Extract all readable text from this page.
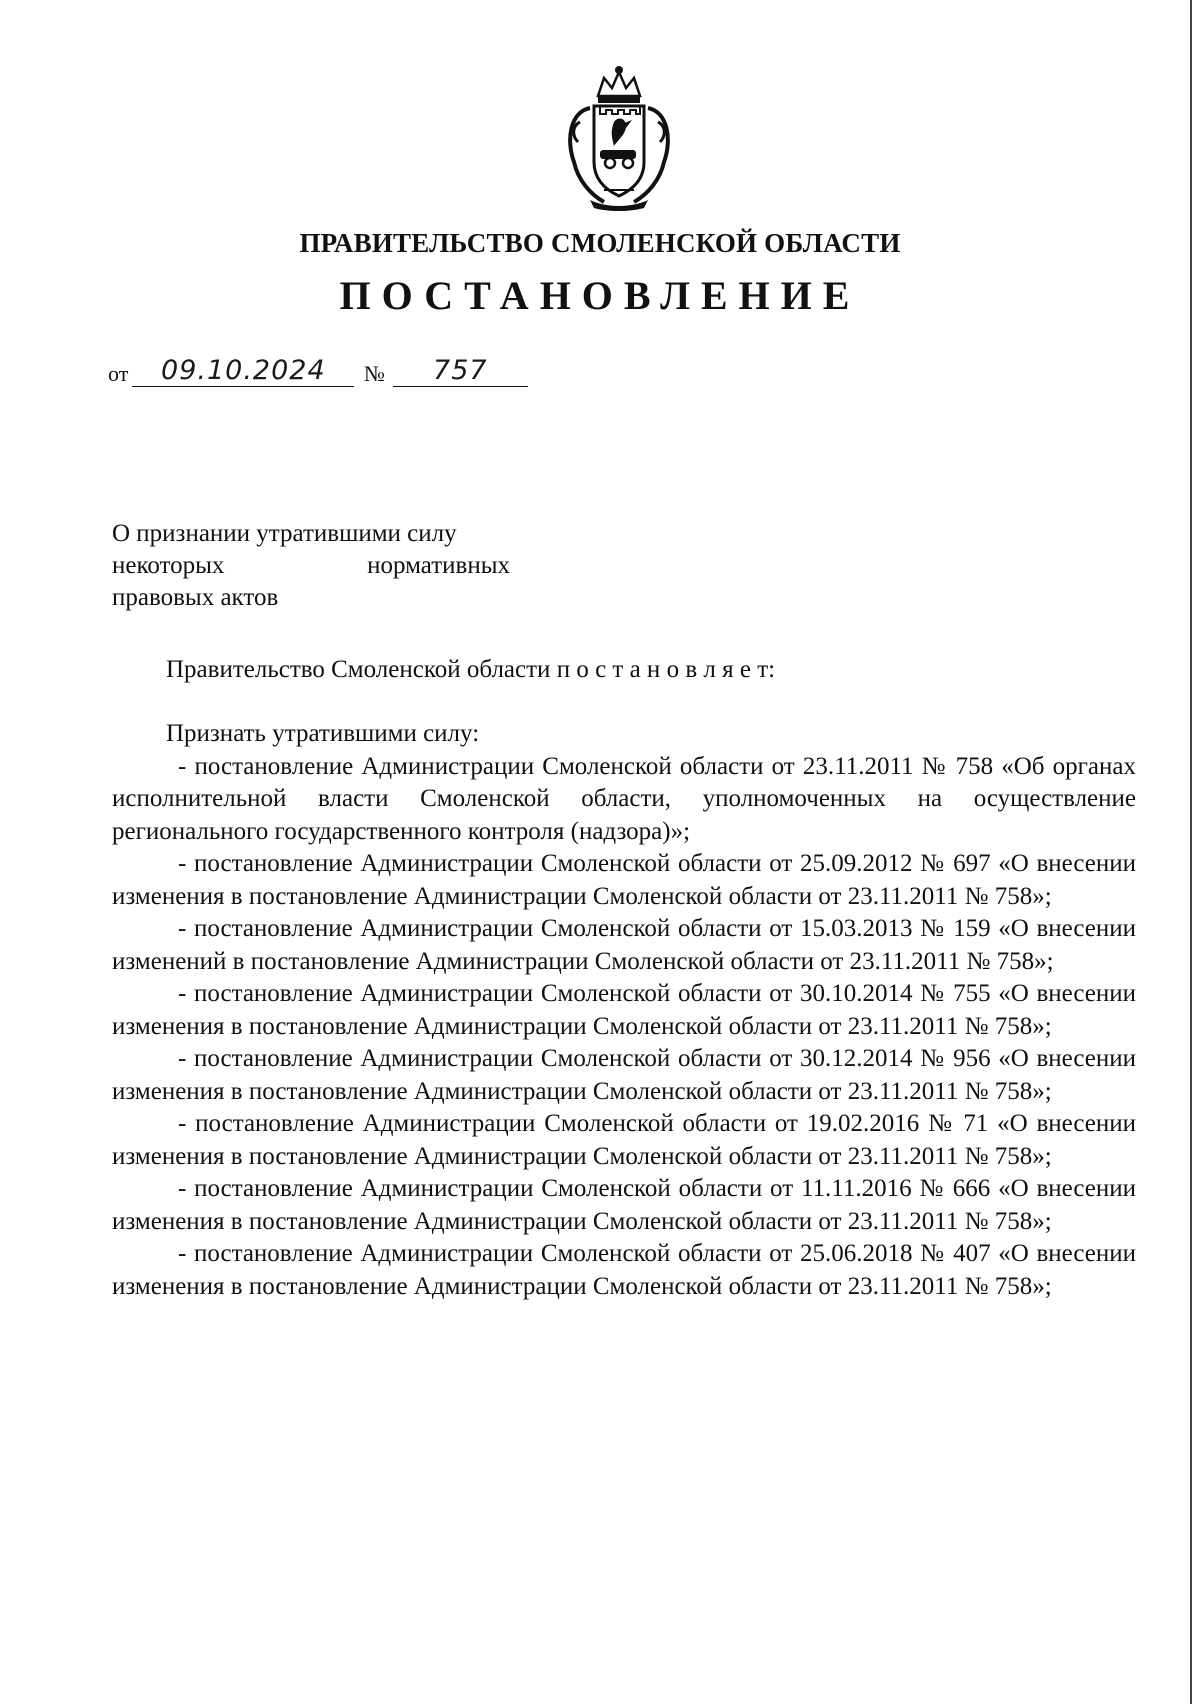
ПРАВИТЕЛЬСТВО СМОЛЕНСКОЙ ОБЛАСТИ
ПОСТАНОВЛЕНИЕ
от 09.10.2024 № 757
О признании утратившими силу
некоторых	нормативных
правовых актов
Правительство Смоленской области п о с т а н о в л я е т:
Признать утратившими силу:

- постановление Администрации Смоленской области от 23.11.2011 № 758 «Об органах исполнительной власти Смоленской области, уполномоченных на осуществление регионального государственного контроля (надзора)»;

- постановление Администрации Смоленской области от 25.09.2012 № 697 «О внесении изменения в постановление Администрации Смоленской области от 23.11.2011 № 758»;

- постановление Администрации Смоленской области от 15.03.2013 № 159 «О внесении изменений в постановление Администрации Смоленской области от 23.11.2011 № 758»;

- постановление Администрации Смоленской области от 30.10.2014 № 755 «О внесении изменения в постановление Администрации Смоленской области от 23.11.2011 № 758»;

- постановление Администрации Смоленской области от 30.12.2014 № 956 «О внесении изменения в постановление Администрации Смоленской области от 23.11.2011 № 758»;

- постановление Администрации Смоленской области от 19.02.2016 № 71 «О внесении изменения в постановление Администрации Смоленской области от 23.11.2011 № 758»;

- постановление Администрации Смоленской области от 11.11.2016 № 666 «О внесении изменения в постановление Администрации Смоленской области от 23.11.2011 № 758»;

- постановление Администрации Смоленской области от 25.06.2018 № 407 «О внесении изменения в постановление Администрации Смоленской области от 23.11.2011 № 758»;
